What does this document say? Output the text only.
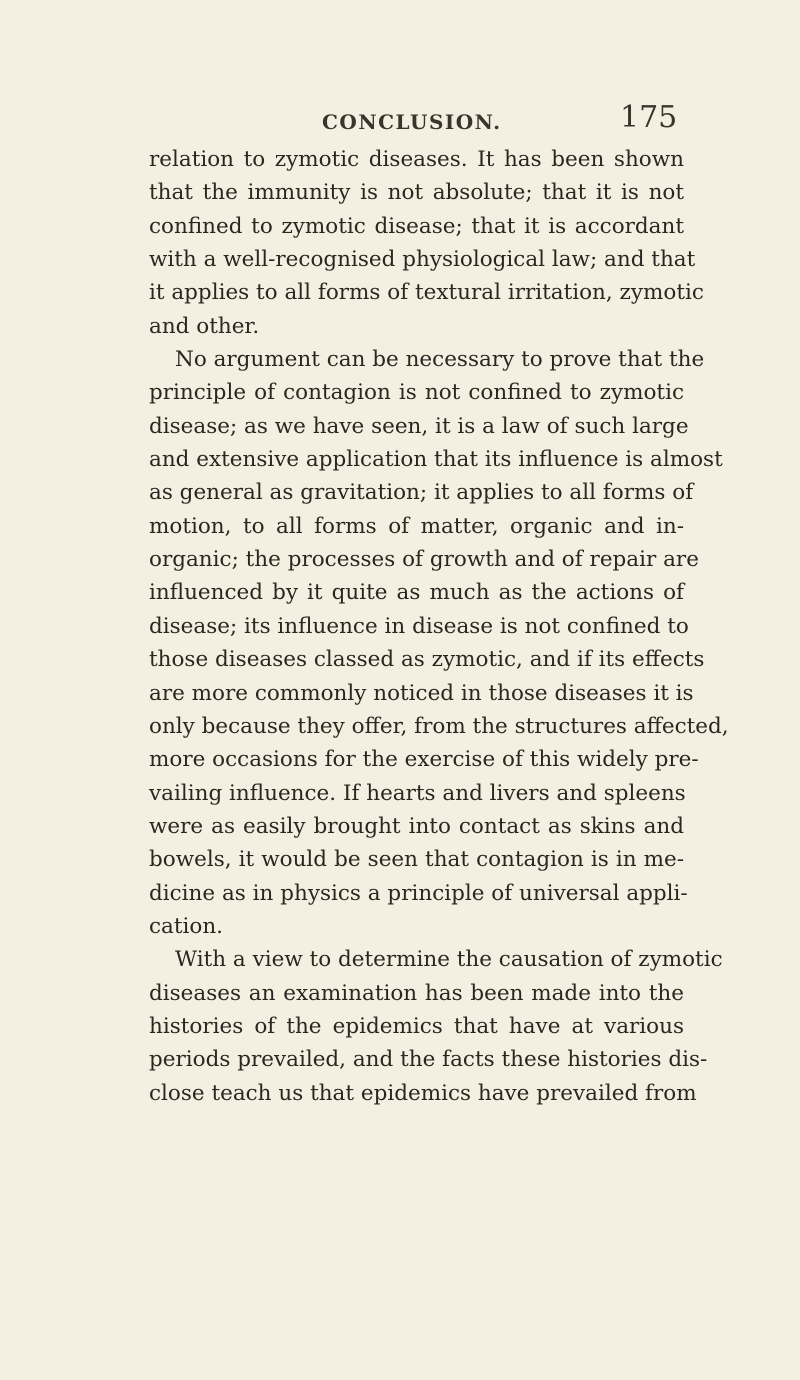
CONCLUSION.	175
relation to zymotic diseases. It has been shown
that the immunity is not absolute; that it is not
confined to zymotic disease; that it is accordant
with a well-recognised physiological law; and that
it applies to all forms of textural irritation, zymotic
and other.
No argument can be necessary to prove that the
principle of contagion is not confined to zymotic
disease; as we have seen, it is a law of such large
and extensive application that its influence is almost
as general as gravitation; it applies to all forms of
motion, to all forms of matter, organic and in-
organic; the processes of growth and of repair are
influenced by it quite as much as the actions of
disease; its influence in disease is not confined to
those diseases classed as zymotic, and if its effects
are more commonly noticed in those diseases it is
only because they offer, from the structures affected,
more occasions for the exercise of this widely pre-
vailing influence. If hearts and livers and spleens
were as easily brought into contact as skins and
bowels, it would be seen that contagion is in me-
dicine as in physics a principle of universal appli-
cation.
With a view to determine the causation of zymotic
diseases an examination has been made into the
histories of the epidemics that have at various
periods prevailed, and the facts these histories dis-
close teach us that epidemics have prevailed from
